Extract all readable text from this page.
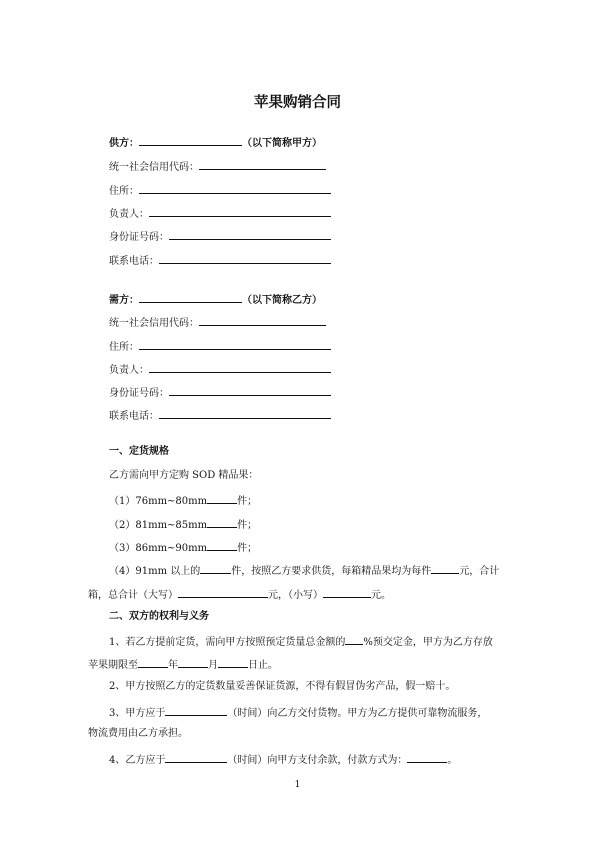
苹果购销合同
供方：	（以下简称甲方）
统一社会信用代码：
住所：
负责人：
身份证号码：
联系电话：
需方：	（以下简称乙方）
统一社会信用代码：
住所：
负责人：
身份证号码：
联系电话：
一、定货规格
乙方需向甲方定购 SOD 精品果：
（1）76mm~80mm	件；
（2）81mm~85mm	件；
（3）86mm~90mm	件；
（4）91mm 以上的	件，按照乙方要求供货，每箱精品果均为每件	元，合计
箱，总合计（大写）	元，（小写）	元。
二、双方的权利与义务
1、若乙方提前定货，需向甲方按照预定货量总金额的 %预交定金，甲方为乙方存放
苹果期限至	年	月	日止。
2、甲方按照乙方的定货数量妥善保证货源，不得有假冒伪劣产品，假一赔十。
3、甲方应于	（时间）向乙方交付货物。甲方为乙方提供可靠物流服务，
物流费用由乙方承担。
4、乙方应于	（时间）向甲方支付余款，付款方式为：	。
1
